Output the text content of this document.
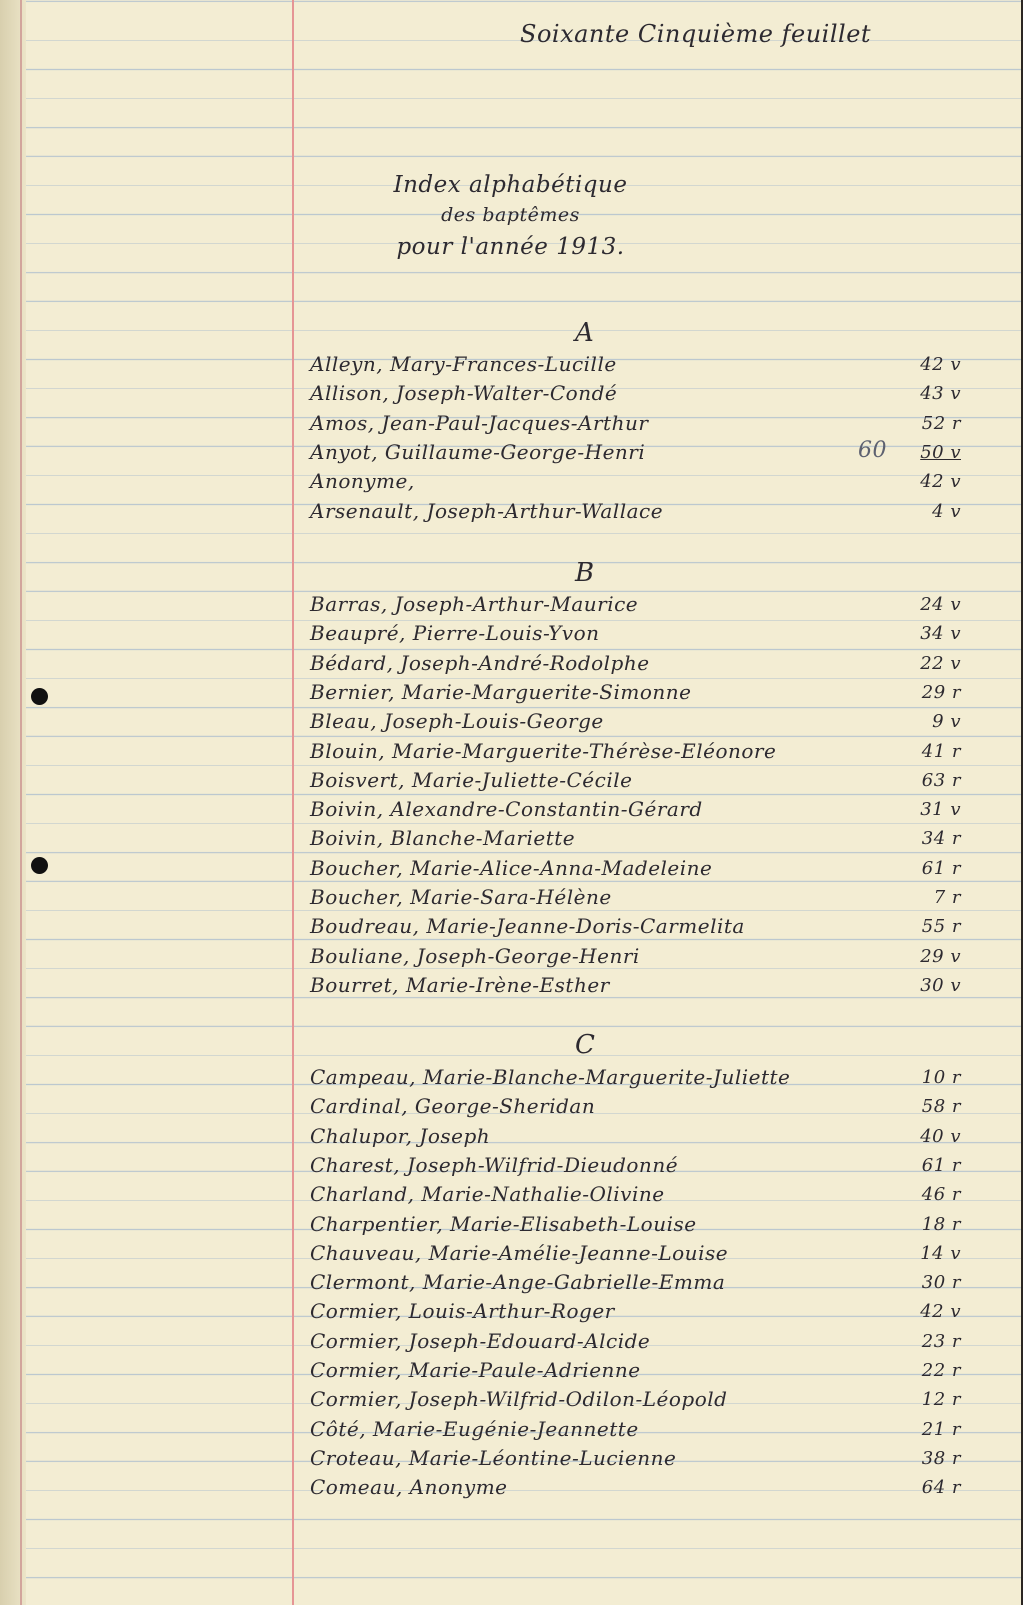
Soixante Cinquième feuillet
Index alphabétique
des baptêmes
pour l'année 1913.
A
Alleyn, Mary-Frances-Lucille	42 v
Allison, Joseph-Walter-Condé	43 v
Amos, Jean-Paul-Jacques-Arthur	52 r
Anyot, Guillaume-George-Henri	50 v
60
Anonyme,	42 v
Arsenault, Joseph-Arthur-Wallace	4 v
B
Barras, Joseph-Arthur-Maurice	24 v
Beaupré, Pierre-Louis-Yvon	34 v
Bédard, Joseph-André-Rodolphe	22 v
Bernier, Marie-Marguerite-Simonne	29 r
Bleau, Joseph-Louis-George	9 v
Blouin, Marie-Marguerite-Thérèse-Eléonore	41 r
Boisvert, Marie-Juliette-Cécile	63 r
Boivin, Alexandre-Constantin-Gérard	31 v
Boivin, Blanche-Mariette	34 r
Boucher, Marie-Alice-Anna-Madeleine	61 r
Boucher, Marie-Sara-Hélène	7 r
Boudreau, Marie-Jeanne-Doris-Carmelita	55 r
Bouliane, Joseph-George-Henri	29 v
Bourret, Marie-Irène-Esther	30 v
C
Campeau, Marie-Blanche-Marguerite-Juliette	10 r
Cardinal, George-Sheridan	58 r
Chalupor, Joseph	40 v
Charest, Joseph-Wilfrid-Dieudonné	61 r
Charland, Marie-Nathalie-Olivine	46 r
Charpentier, Marie-Elisabeth-Louise	18 r
Chauveau, Marie-Amélie-Jeanne-Louise	14 v
Clermont, Marie-Ange-Gabrielle-Emma	30 r
Cormier, Louis-Arthur-Roger	42 v
Cormier, Joseph-Edouard-Alcide	23 r
Cormier, Marie-Paule-Adrienne	22 r
Cormier, Joseph-Wilfrid-Odilon-Léopold	12 r
Côté, Marie-Eugénie-Jeannette	21 r
Croteau, Marie-Léontine-Lucienne	38 r
Comeau, Anonyme	64 r
